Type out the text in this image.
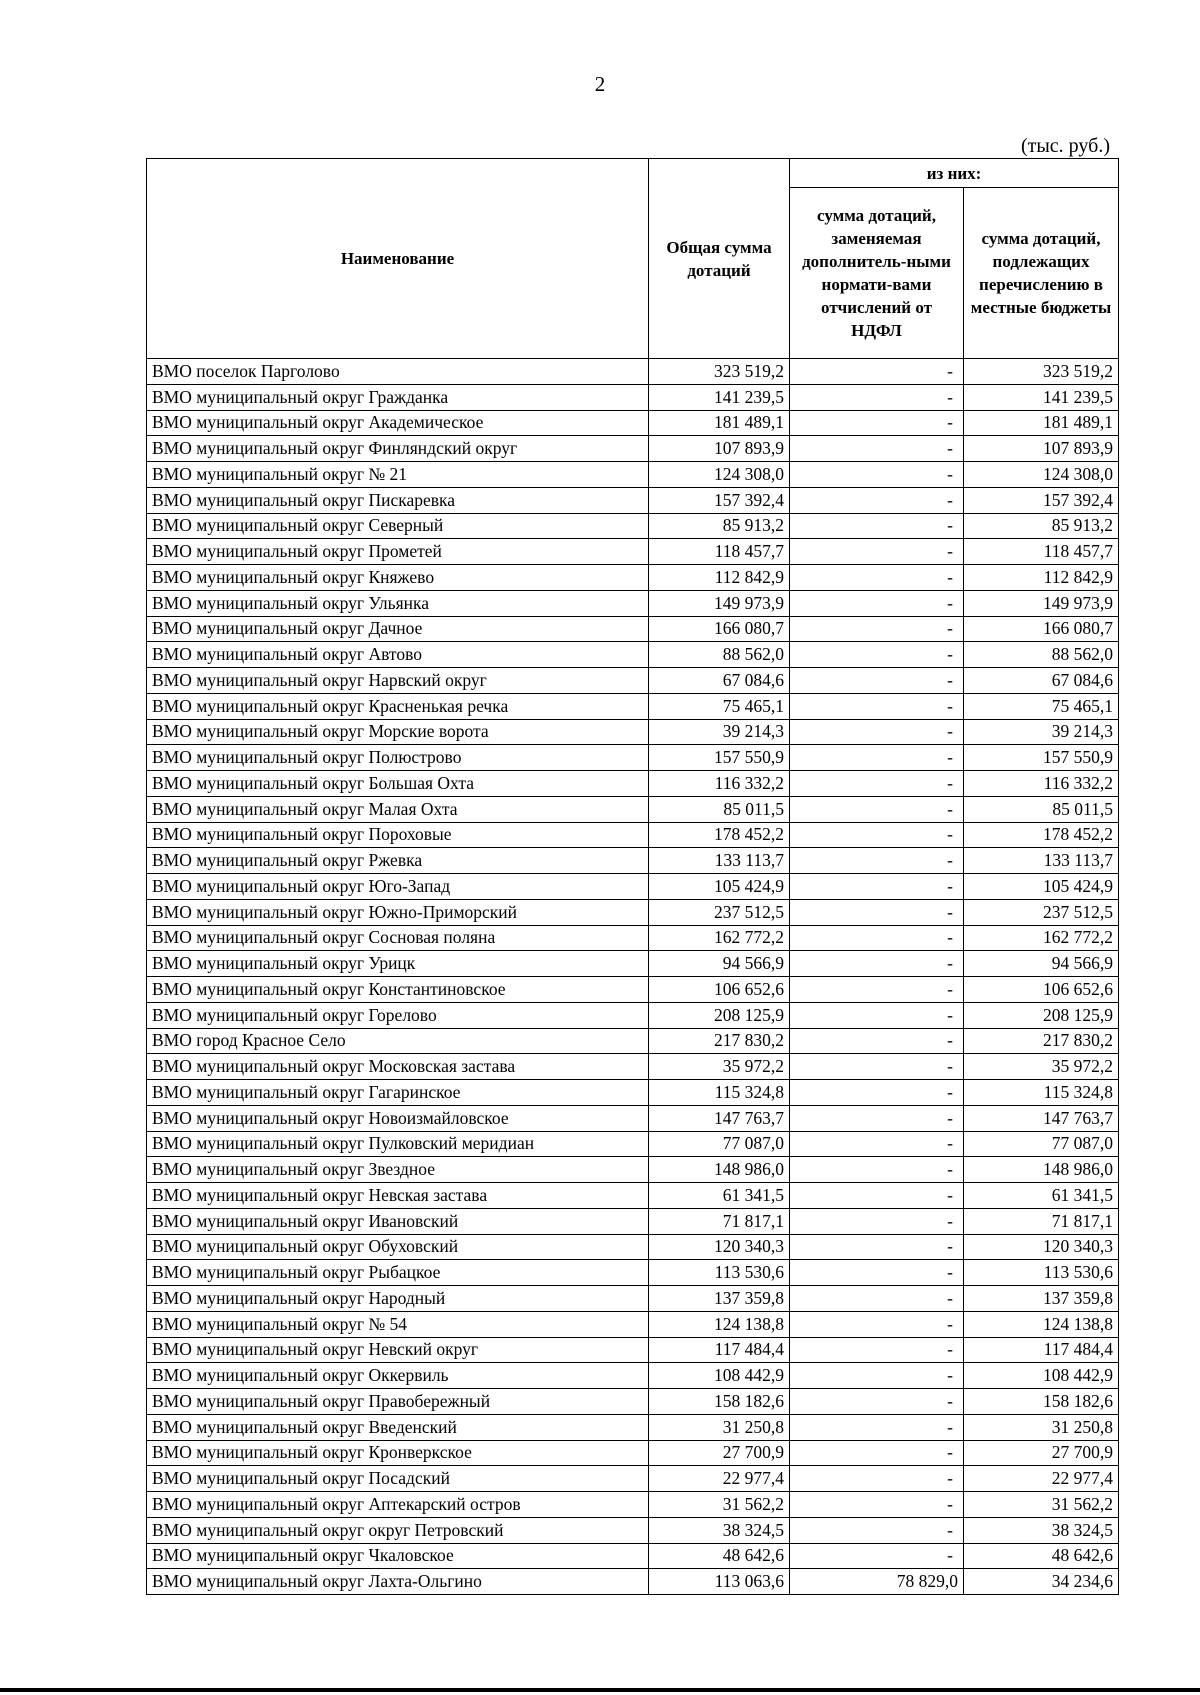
2
(тыс. руб.)
Наименование	Общая сумма дотаций	из них:	
		сумма дотаций, заменяемая дополнитель-ными нормати-вами отчислений от НДФЛ	сумма дотаций, подлежащих перечислению в местные бюджеты
ВМО поселок Парголово	323 519,2	-	323 519,2
ВМО муниципальный округ Гражданка	141 239,5	-	141 239,5
ВМО муниципальный округ Академическое	181 489,1	-	181 489,1
ВМО муниципальный округ Финляндский округ	107 893,9	-	107 893,9
ВМО муниципальный округ № 21	124 308,0	-	124 308,0
ВМО муниципальный округ Пискаревка	157 392,4	-	157 392,4
ВМО муниципальный округ Северный	85 913,2	-	85 913,2
ВМО муниципальный округ Прометей	118 457,7	-	118 457,7
ВМО муниципальный округ Княжево	112 842,9	-	112 842,9
ВМО муниципальный округ Ульянка	149 973,9	-	149 973,9
ВМО муниципальный округ Дачное	166 080,7	-	166 080,7
ВМО муниципальный округ Автово	88 562,0	-	88 562,0
ВМО муниципальный округ Нарвский округ	67 084,6	-	67 084,6
ВМО муниципальный округ Красненькая речка	75 465,1	-	75 465,1
ВМО муниципальный округ Морские ворота	39 214,3	-	39 214,3
ВМО муниципальный округ Полюстрово	157 550,9	-	157 550,9
ВМО муниципальный округ Большая Охта	116 332,2	-	116 332,2
ВМО муниципальный округ Малая Охта	85 011,5	-	85 011,5
ВМО муниципальный округ Пороховые	178 452,2	-	178 452,2
ВМО муниципальный округ Ржевка	133 113,7	-	133 113,7
ВМО муниципальный округ Юго-Запад	105 424,9	-	105 424,9
ВМО муниципальный округ Южно-Приморский	237 512,5	-	237 512,5
ВМО муниципальный округ Сосновая поляна	162 772,2	-	162 772,2
ВМО муниципальный округ Урицк	94 566,9	-	94 566,9
ВМО муниципальный округ Константиновское	106 652,6	-	106 652,6
ВМО муниципальный округ Горелово	208 125,9	-	208 125,9
ВМО город Красное Село	217 830,2	-	217 830,2
ВМО муниципальный округ Московская застава	35 972,2	-	35 972,2
ВМО муниципальный округ Гагаринское	115 324,8	-	115 324,8
ВМО муниципальный округ Новоизмайловское	147 763,7	-	147 763,7
ВМО муниципальный округ Пулковский меридиан	77 087,0	-	77 087,0
ВМО муниципальный округ Звездное	148 986,0	-	148 986,0
ВМО муниципальный округ Невская застава	61 341,5	-	61 341,5
ВМО муниципальный округ Ивановский	71 817,1	-	71 817,1
ВМО муниципальный округ Обуховский	120 340,3	-	120 340,3
ВМО муниципальный округ Рыбацкое	113 530,6	-	113 530,6
ВМО муниципальный округ Народный	137 359,8	-	137 359,8
ВМО муниципальный округ № 54	124 138,8	-	124 138,8
ВМО муниципальный округ Невский округ	117 484,4	-	117 484,4
ВМО муниципальный округ Оккервиль	108 442,9	-	108 442,9
ВМО муниципальный округ Правобережный	158 182,6	-	158 182,6
ВМО муниципальный округ Введенский	31 250,8	-	31 250,8
ВМО муниципальный округ Кронверкское	27 700,9	-	27 700,9
ВМО муниципальный округ Посадский	22 977,4	-	22 977,4
ВМО муниципальный округ Аптекарский остров	31 562,2	-	31 562,2
ВМО муниципальный округ округ Петровский	38 324,5	-	38 324,5
ВМО муниципальный округ Чкаловское	48 642,6	-	48 642,6
ВМО муниципальный округ Лахта-Ольгино	113 063,6	78 829,0	34 234,6
